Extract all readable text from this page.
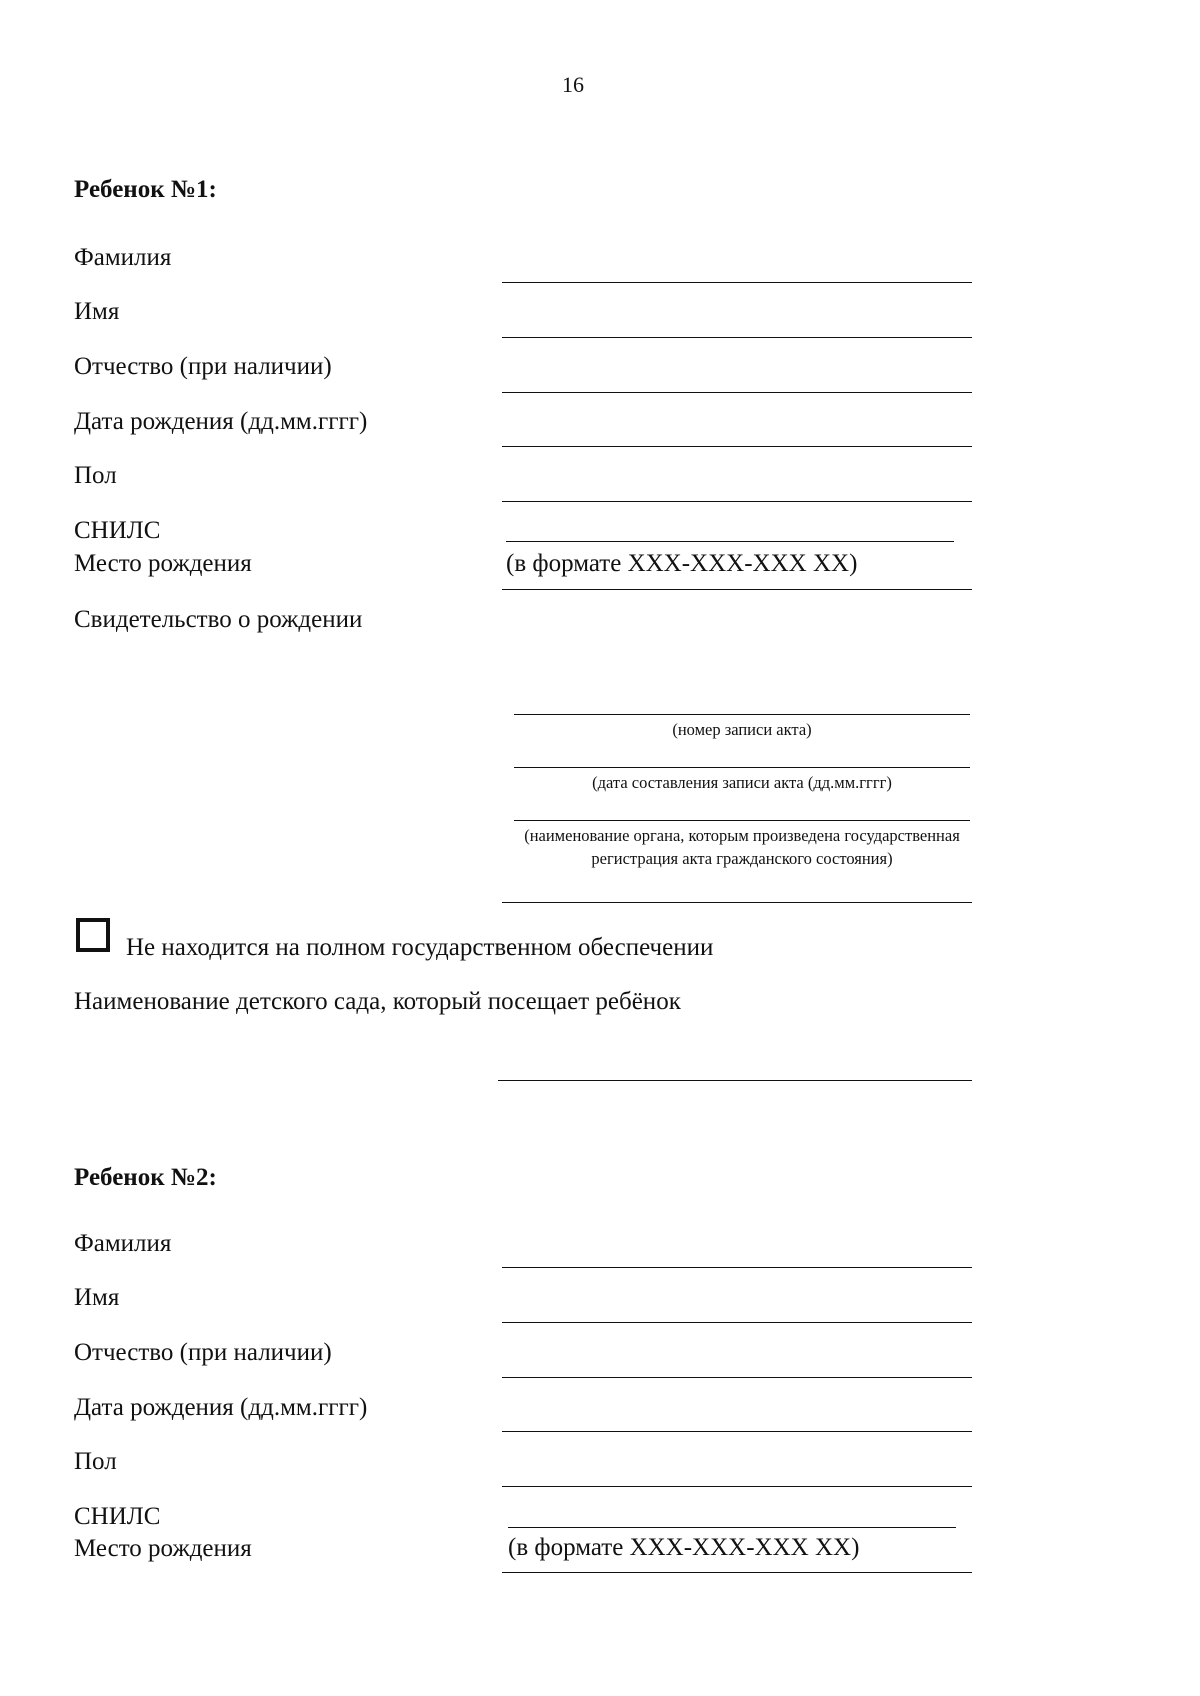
16
Ребенок №1:
Фамилия
Имя
Отчество (при наличии)
Дата рождения (дд.мм.гггг)
Пол
СНИЛС
(в формате XXX-XXX-XXX XX)
Место рождения
Свидетельство о рождении
(номер записи акта)
(дата составления записи акта (дд.мм.гггг)
(наименование органа, которым произведена государственная регистрация акта гражданского состояния)
Не находится на полном государственном обеспечении
Наименование детского сада, который посещает ребёнок
Ребенок №2:
Фамилия
Имя
Отчество (при наличии)
Дата рождения (дд.мм.гггг)
Пол
СНИЛС
(в формате XXX-XXX-XXX XX)
Место рождения
